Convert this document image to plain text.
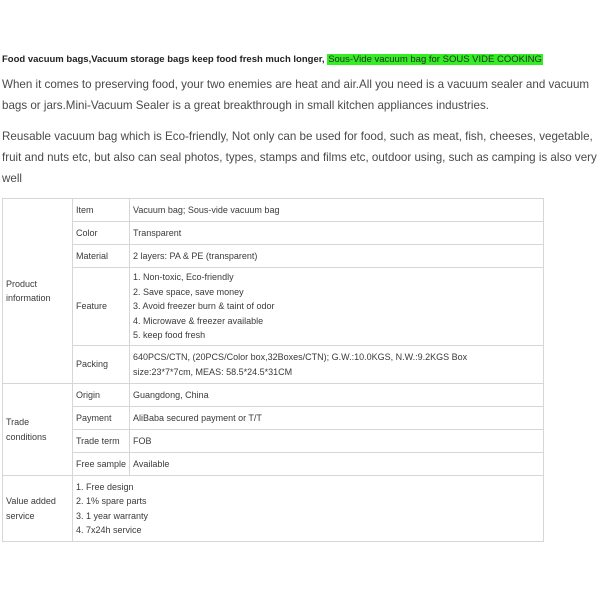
Food vacuum bags,Vacuum storage bags keep food fresh much longer, Sous-Vide vacuum bag for SOUS VIDE COOKING

When it comes to preserving food, your two enemies are heat and air.All you need is a vacuum sealer and vacuum bags or jars.Mini-Vacuum Sealer is a great breakthrough in small kitchen appliances industries.

Reusable vacuum bag which is Eco-friendly, Not only can be used for food, such as meat, fish, cheeses, vegetable, fruit and nuts etc, but also can seal photos, types, stamps and films etc, outdoor using, such as camping is also very well

Product information	Item	Vacuum bag; Sous-vide vacuum bag
	Color	Transparent
	Material	2 layers: PA & PE (transparent)
	Feature	1. Non-toxic, Eco-friendly
2. Save space, save money
3. Avoid freezer burn & taint of odor
4. Microwave & freezer available
5. keep food fresh

	Packing	640PCS/CTN, (20PCS/Color box,32Boxes/CTN); G.W.:10.0KGS, N.W.:9.2KGS Box
size:23*7*7cm, MEAS: 58.5*24.5*31CM

Trade conditions	Origin	Guangdong, China
	Payment	AliBaba secured payment or T/T
	Trade term	FOB
	Free sample	Available
Value added service	1. Free design
2. 1% spare parts
3. 1 year warranty
4. 7x24h service	
